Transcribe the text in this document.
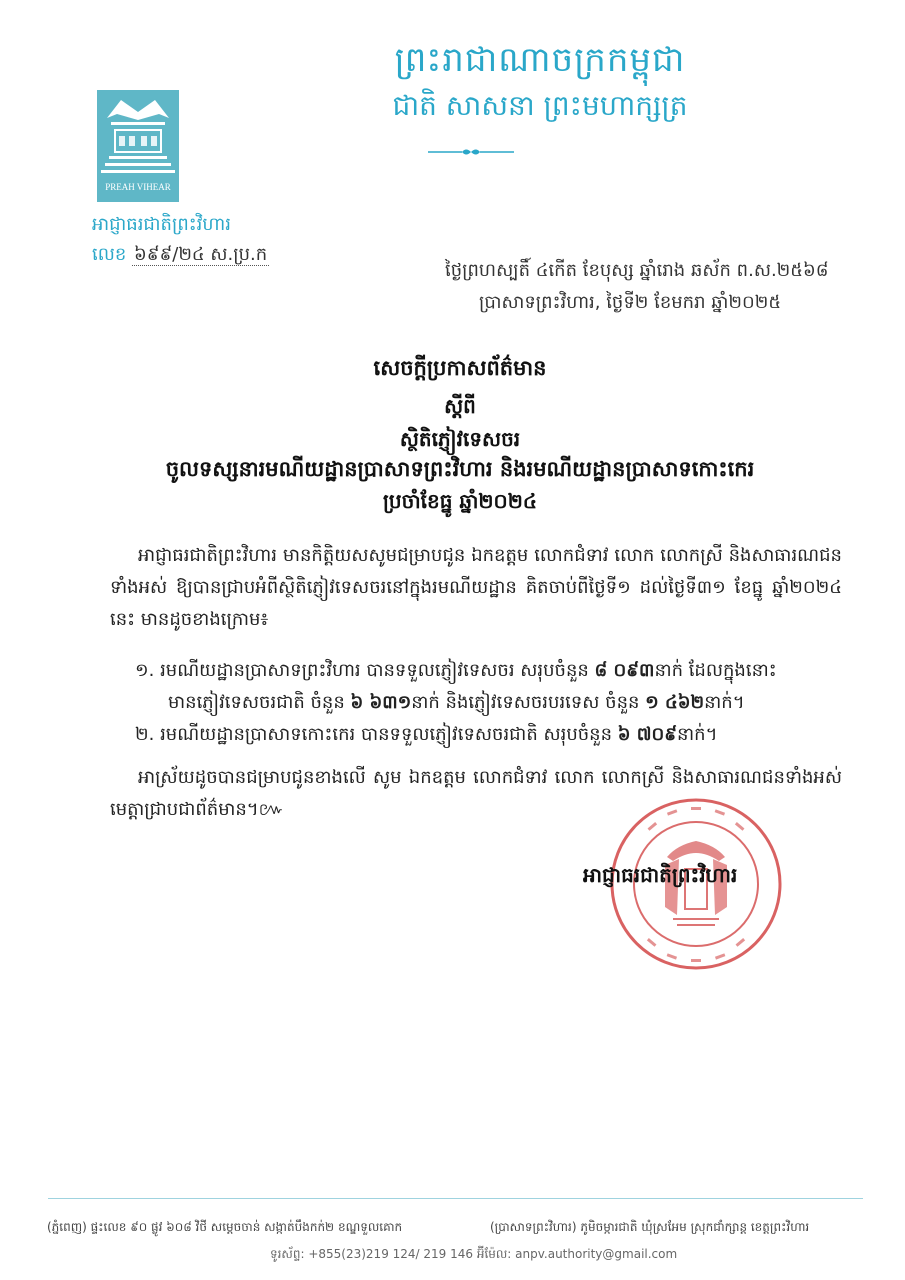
ព្រះរាជាណាចក្រកម្ពុជា
ជាតិ សាសនា ព្រះមហាក្សត្រ
PREAH VIHEAR
អាជ្ញាធរជាតិព្រះវិហារ
លេខ ៦៩៩/២៤ ស.ប្រ.ក
ថ្ងៃព្រហស្បតិ៍ ៤កើត ខែបុស្ស ឆ្នាំរោង ឆស័ក ព.ស.២៥៦៨
ប្រាសាទព្រះវិហារ, ថ្ងៃទី២ ខែមករា ឆ្នាំ២០២៥
សេចក្តីប្រកាសព័ត៌មាន
ស្តីពី
ស្ថិតិភ្ញៀវទេសចរ
ចូលទស្សនារមណីយដ្ឋានប្រាសាទព្រះវិហារ និងរមណីយដ្ឋានប្រាសាទកោះកេរ
ប្រចាំខែធ្នូ ឆ្នាំ២០២៤
អាជ្ញាធរជាតិព្រះវិហារ មានកិត្តិយសសូមជម្រាបជូន ឯកឧត្តម លោកជំទាវ លោក លោកស្រី និងសាធារណជនទាំងអស់ ឱ្យបានជ្រាបអំពីស្ថិតិភ្ញៀវទេសចរនៅក្នុងរមណីយដ្ឋាន គិតចាប់ពីថ្ងៃទី១ ដល់ថ្ងៃទី៣១ ខែធ្នូ ឆ្នាំ២០២៤ នេះ មានដូចខាងក្រោម៖
១. រមណីយដ្ឋានប្រាសាទព្រះវិហារ បានទទួលភ្ញៀវទេសចរ សរុបចំនួន ៨ ០៩៣នាក់ ដែលក្នុងនោះ
មានភ្ញៀវទេសចរជាតិ ចំនួន ៦ ៦៣១នាក់ និងភ្ញៀវទេសចរបរទេស ចំនួន ១ ៤៦២នាក់។
២. រមណីយដ្ឋានប្រាសាទកោះកេរ បានទទួលភ្ញៀវទេសចរជាតិ សរុបចំនួន ៦ ៧០៩នាក់។
អាស្រ័យដូចបានជម្រាបជូនខាងលើ សូម ឯកឧត្តម លោកជំទាវ លោក លោកស្រី និងសាធារណជនទាំងអស់មេត្តាជ្រាបជាព័ត៌មាន។៚
អាជ្ញាធរជាតិព្រះវិហារ
(ភ្នំពេញ) ផ្ទះលេខ ៩០ ផ្លូវ ៦០៨ វិថី សម្តេចចាន់ សង្កាត់បឹងកក់២ ខណ្ឌទួលគោក	(ប្រាសាទព្រះវិហារ) ភូមិចម្ការជាតិ ឃុំស្រអែម ស្រុកជាំក្សាន្ត ខេត្តព្រះវិហារ
ទូរស័ព្ទ: +855(23)219 124/ 219 146 អ៊ីម៉ែល: anpv.authority@gmail.com
